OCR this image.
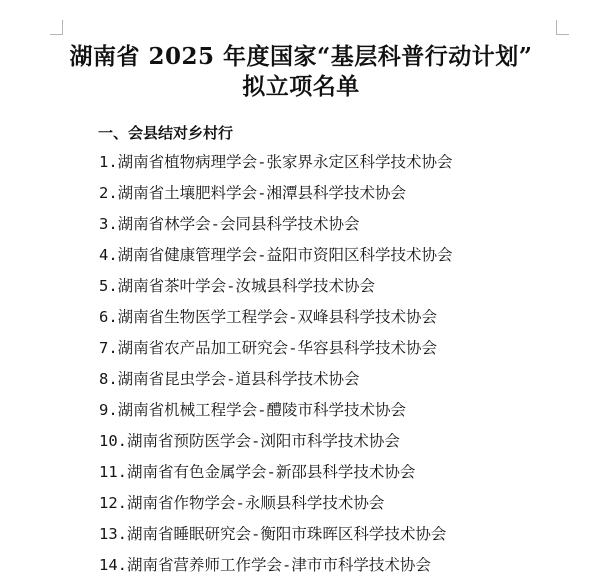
湖南省 2025 年度国家“基层科普行动计划”
拟立项名单
一、会县结对乡村行
1.湖南省植物病理学会-张家界永定区科学技术协会
2.湖南省土壤肥料学会-湘潭县科学技术协会
3.湖南省林学会-会同县科学技术协会
4.湖南省健康管理学会-益阳市资阳区科学技术协会
5.湖南省茶叶学会-汝城县科学技术协会
6.湖南省生物医学工程学会-双峰县科学技术协会
7.湖南省农产品加工研究会-华容县科学技术协会
8.湖南省昆虫学会-道县科学技术协会
9.湖南省机械工程学会-醴陵市科学技术协会
10.湖南省预防医学会-浏阳市科学技术协会
11.湖南省有色金属学会-新邵县科学技术协会
12.湖南省作物学会-永顺县科学技术协会
13.湖南省睡眠研究会-衡阳市珠晖区科学技术协会
14.湖南省营养师工作学会-津市市科学技术协会
